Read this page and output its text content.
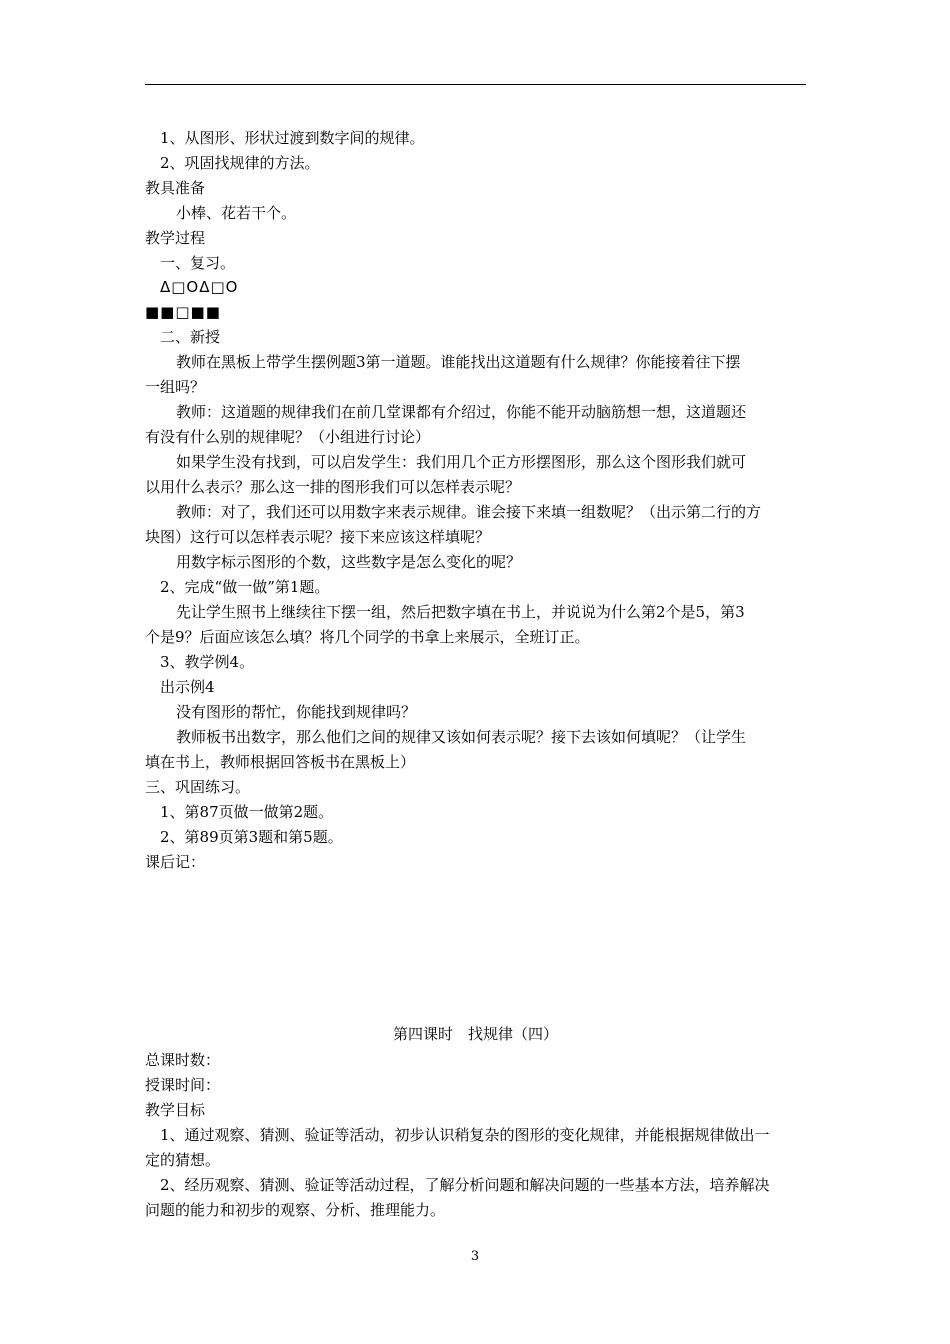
1、从图形、形状过渡到数字间的规律。
2、巩固找规律的方法。
教具准备
小棒、花若干个。
教学过程
一、复习。
Δ□ΟΔ□Ο
■■□■■
二、新授
教师在黑板上带学生摆例题3第一道题。谁能找出这道题有什么规律？你能接着往下摆
一组吗？
教师：这道题的规律我们在前几堂课都有介绍过，你能不能开动脑筋想一想，这道题还
有没有什么别的规律呢？（小组进行讨论）
如果学生没有找到，可以启发学生：我们用几个正方形摆图形，那么这个图形我们就可
以用什么表示？那么这一排的图形我们可以怎样表示呢？
教师：对了，我们还可以用数字来表示规律。谁会接下来填一组数呢？（出示第二行的方
块图）这行可以怎样表示呢？接下来应该这样填呢？
用数字标示图形的个数，这些数字是怎么变化的呢？
2、完成“做一做”第1题。
先让学生照书上继续往下摆一组，然后把数字填在书上，并说说为什么第2个是5，第3
个是9？后面应该怎么填？将几个同学的书拿上来展示，全班订正。
3、教学例4。
出示例4
没有图形的帮忙，你能找到规律吗？
教师板书出数字，那么他们之间的规律又该如何表示呢？接下去该如何填呢？（让学生
填在书上，教师根据回答板书在黑板上）
三、巩固练习。
1、第87页做一做第2题。
2、第89页第3题和第5题。
课后记：
第四课时　找规律（四）
总课时数：
授课时间：
教学目标
1、通过观察、猜测、验证等活动，初步认识稍复杂的图形的变化规律，并能根据规律做出一
定的猜想。
2、经历观察、猜测、验证等活动过程，了解分析问题和解决问题的一些基本方法，培养解决
问题的能力和初步的观察、分析、推理能力。
3
